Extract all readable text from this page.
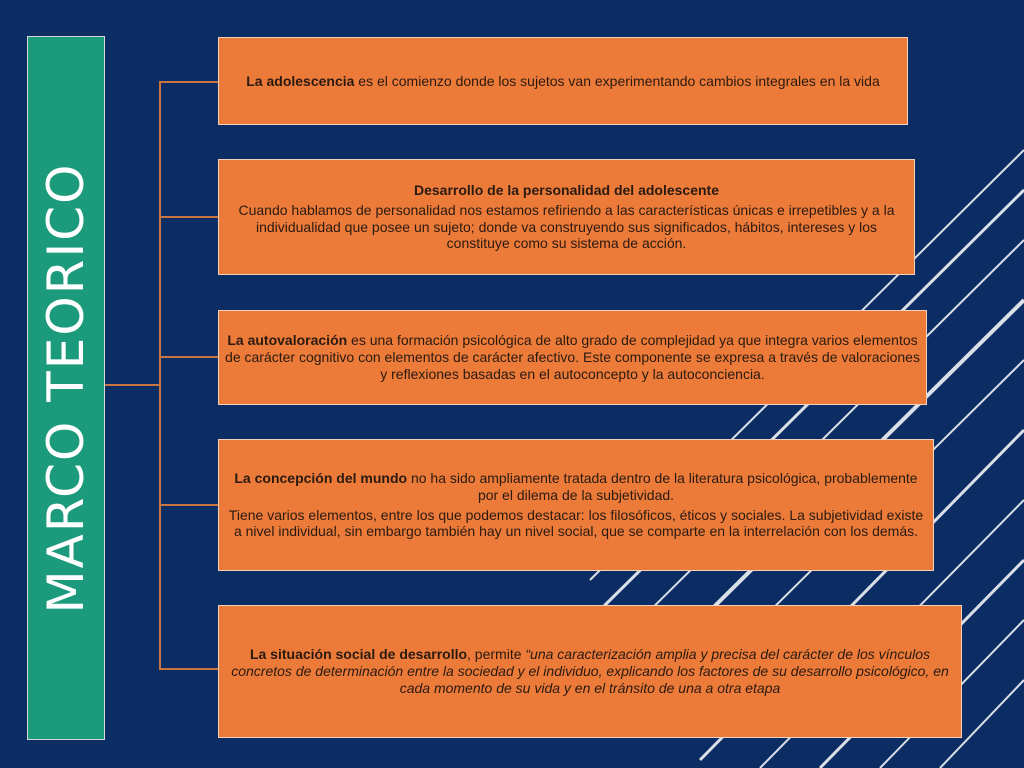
MARCO TEORICO

La adolescencia es el comienzo donde los sujetos van experimentando cambios integrales en la vida

Desarrollo de la personalidad del adolescente

Cuando hablamos de personalidad nos estamos refiriendo a las características únicas e irrepetibles y a la individualidad que posee un sujeto; donde va construyendo sus significados, hábitos, intereses y los constituye como su sistema de acción.

La autovaloración es una formación psicológica de alto grado de complejidad ya que integra varios elementos de carácter cognitivo con elementos de carácter afectivo. Este componente se expresa a través de valoraciones y reflexiones basadas en el autoconcepto y la autoconciencia.

La concepción del mundo no ha sido ampliamente tratada dentro de la literatura psicológica, probablemente por el dilema de la subjetividad.

Tiene varios elementos, entre los que podemos destacar: los filosóficos, éticos y sociales. La subjetividad existe a nivel individual, sin embargo también hay un nivel social, que se comparte en la interrelación con los demás.

La situación social de desarrollo, permite “una caracterización amplia y precisa del carácter de los vínculos concretos de determinación entre la sociedad y el individuo, explicando los factores de su desarrollo psicológico, en cada momento de su vida y en el tránsito de una a otra etapa
